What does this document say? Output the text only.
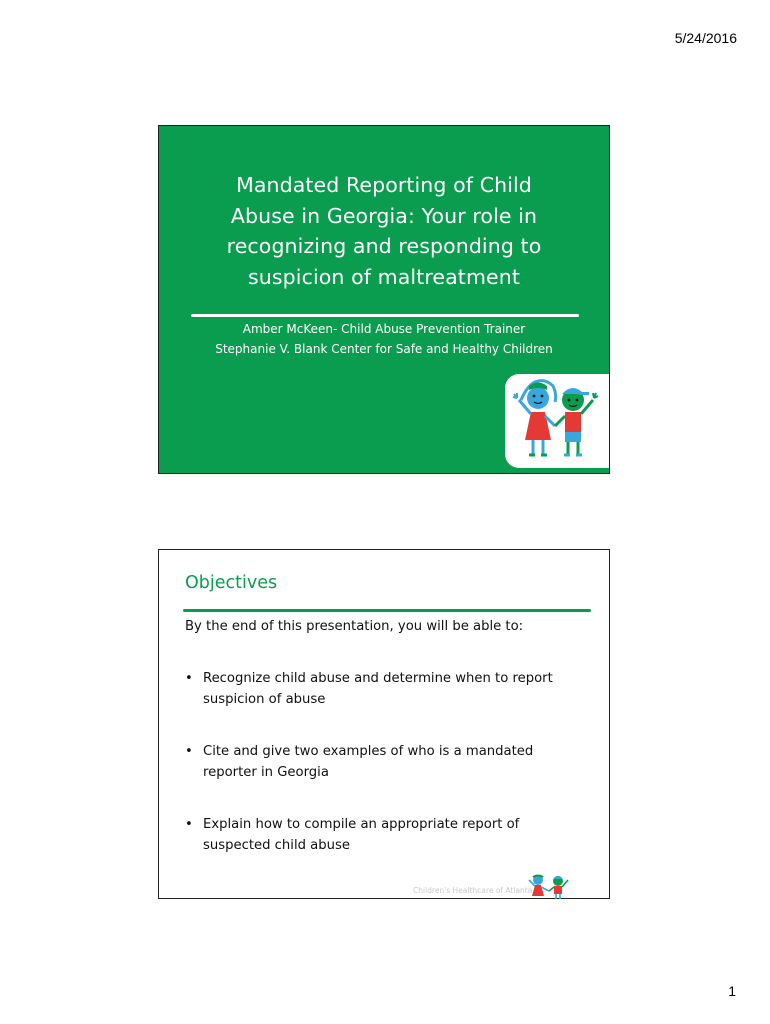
5/24/2016
Mandated Reporting of Child
Abuse in Georgia: Your role in
recognizing and responding to
suspicion of maltreatment
Amber McKeen- Child Abuse Prevention Trainer
Stephanie V. Blank Center for Safe and Healthy Children
Objectives
By the end of this presentation, you will be able to:
• Recognize child abuse and determine when to report
suspicion of abuse
• Cite and give two examples of who is a mandated
reporter in Georgia
• Explain how to compile an appropriate report of
suspected child abuse
Children's Healthcare of Atlanta
1
